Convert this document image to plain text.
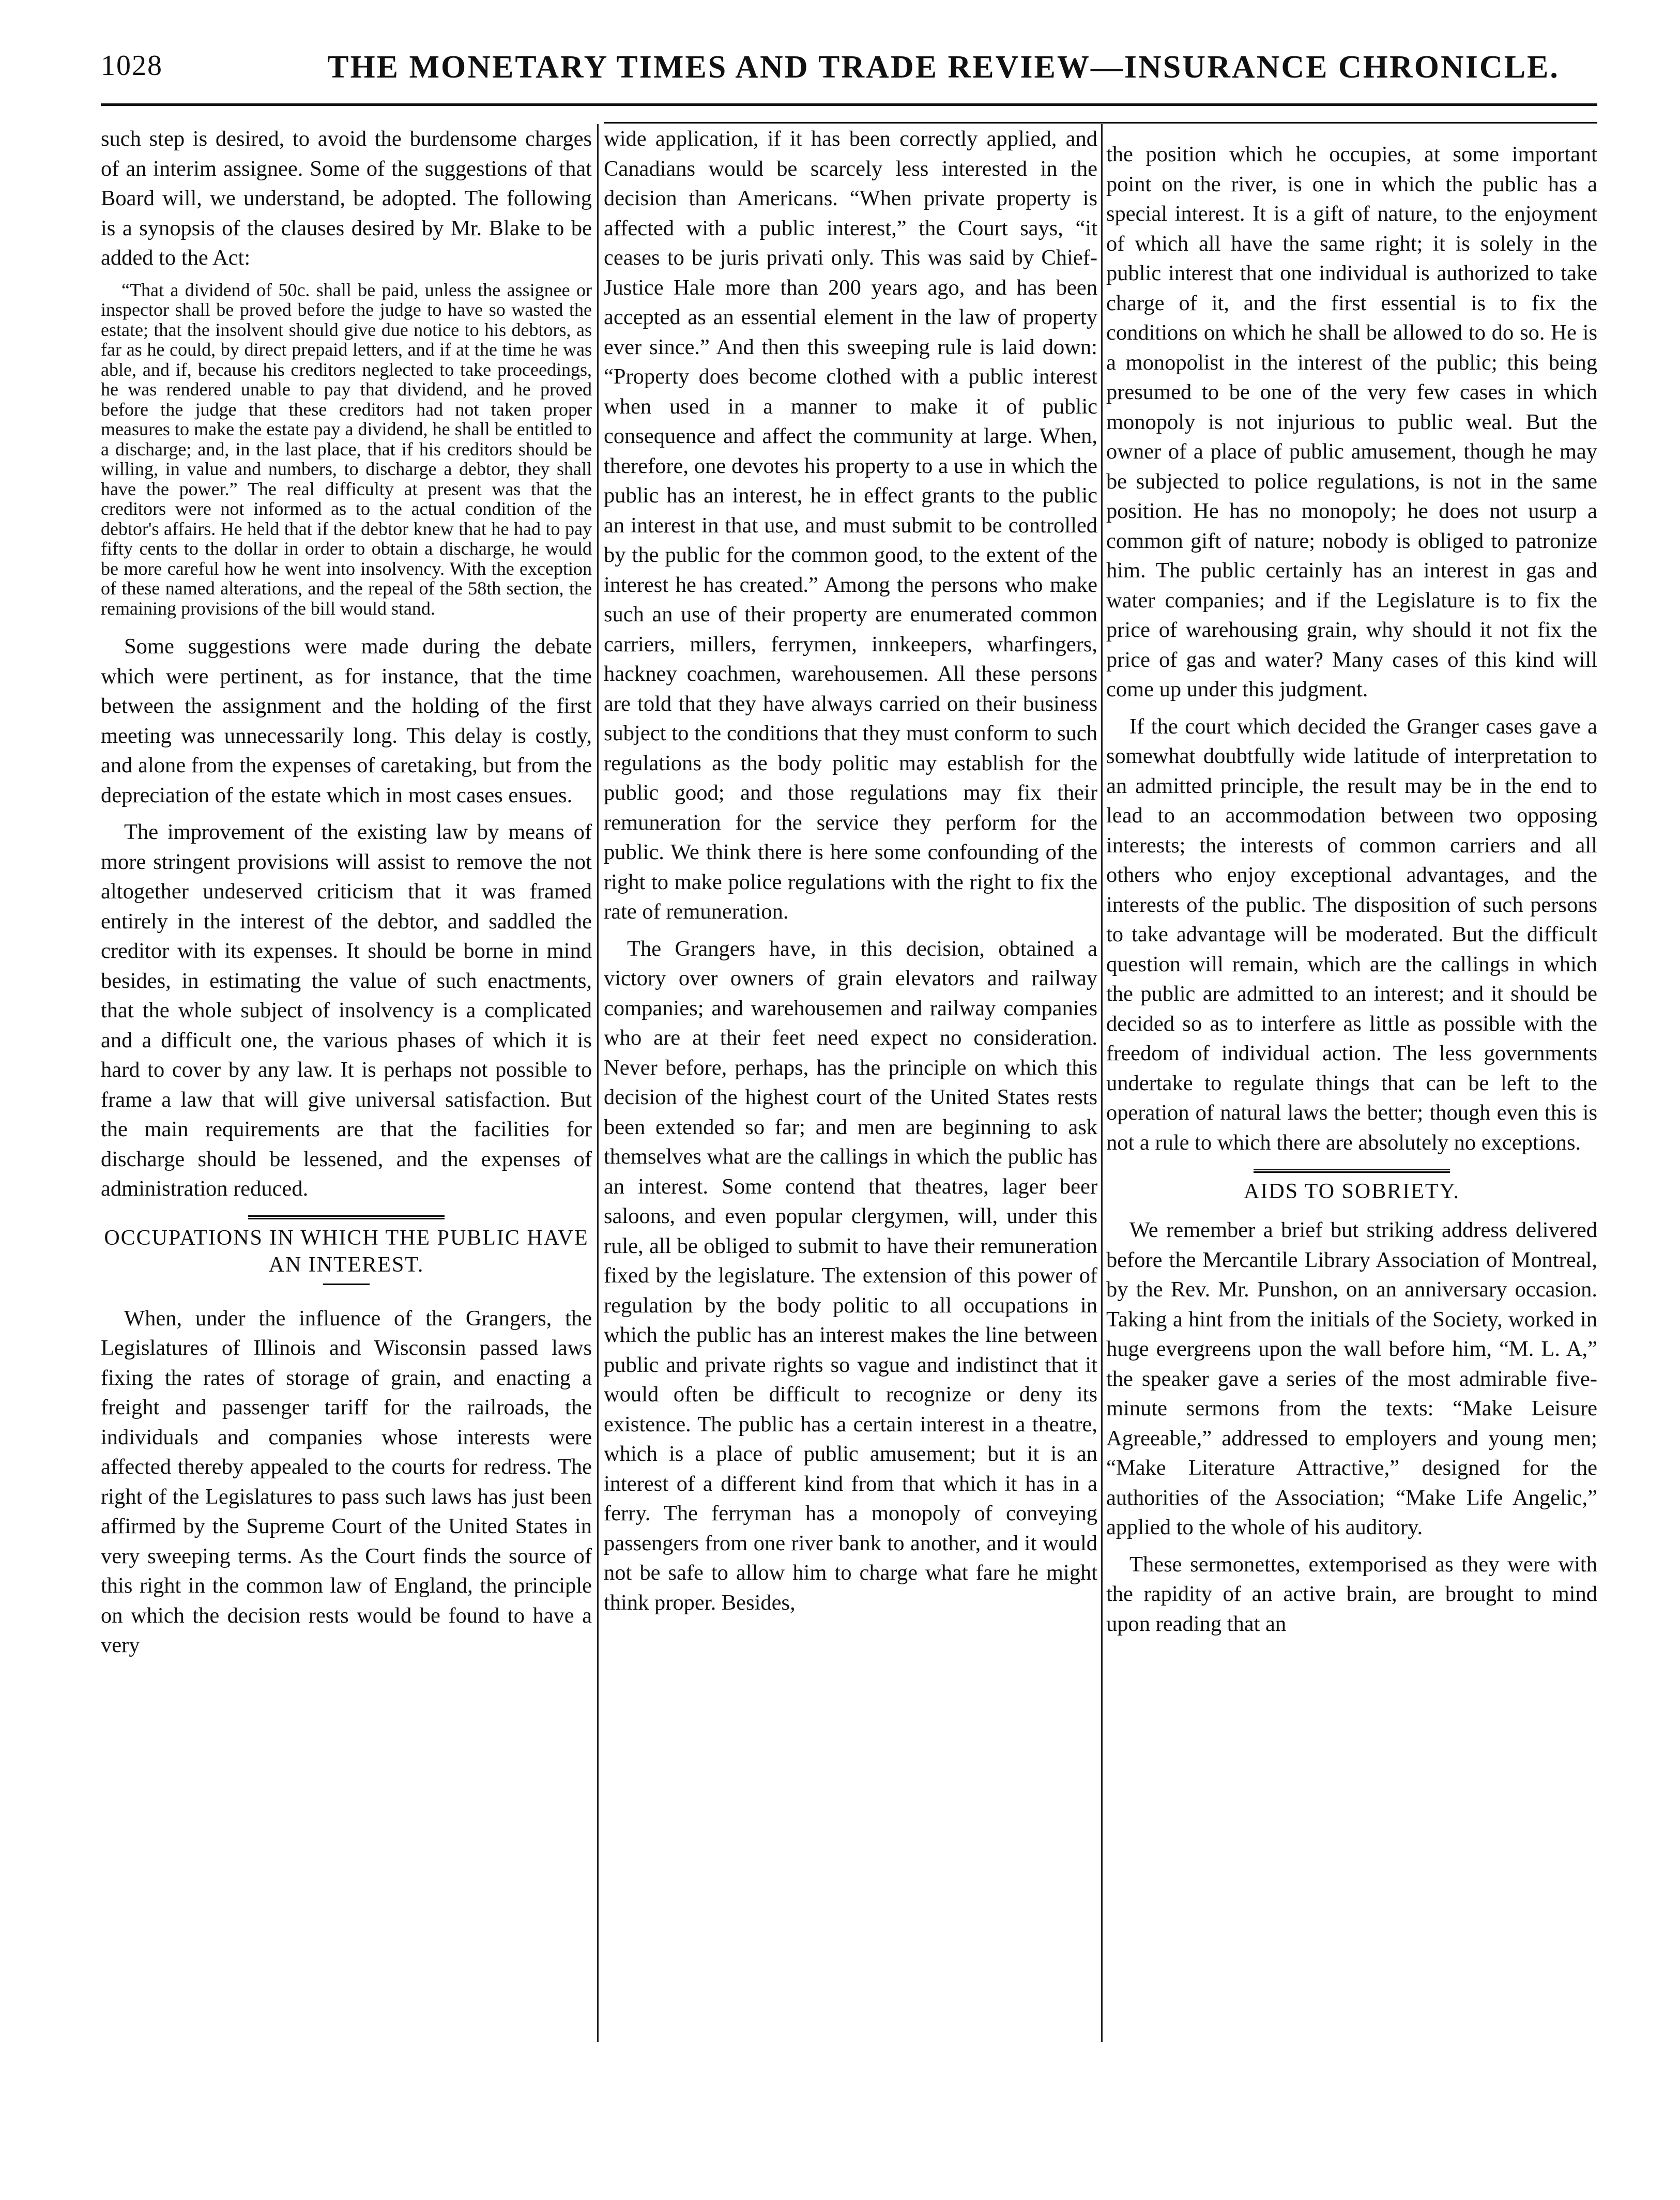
1028	THE MONETARY TIMES AND TRADE REVIEW—INSURANCE CHRONICLE.

such step is desired, to avoid the burdensome charges of an interim assignee. Some of the suggestions of that Board will, we understand, be adopted. The following is a synopsis of the clauses desired by Mr. Blake to be added to the Act:

“That a dividend of 50c. shall be paid, unless the assignee or inspector shall be proved before the judge to have so wasted the estate; that the insolvent should give due notice to his debtors, as far as he could, by direct prepaid letters, and if at the time he was able, and if, because his creditors neglected to take proceedings, he was rendered unable to pay that dividend, and he proved before the judge that these creditors had not taken proper measures to make the estate pay a dividend, he shall be entitled to a discharge; and, in the last place, that if his creditors should be willing, in value and numbers, to discharge a debtor, they shall have the power.” The real difficulty at present was that the creditors were not informed as to the actual condition of the debtor's affairs. He held that if the debtor knew that he had to pay fifty cents to the dollar in order to obtain a discharge, he would be more careful how he went into insolvency. With the exception of these named alterations, and the repeal of the 58th section, the remaining provisions of the bill would stand.

Some suggestions were made during the debate which were pertinent, as for instance, that the time between the assignment and the holding of the first meeting was unnecessarily long. This delay is costly, and alone from the expenses of caretaking, but from the depreciation of the estate which in most cases ensues.

The improvement of the existing law by means of more stringent provisions will assist to remove the not altogether undeserved criticism that it was framed entirely in the interest of the debtor, and saddled the creditor with its expenses. It should be borne in mind besides, in estimating the value of such enactments, that the whole subject of insolvency is a complicated and a difficult one, the various phases of which it is hard to cover by any law. It is perhaps not possible to frame a law that will give universal satisfaction. But the main requirements are that the facilities for discharge should be lessened, and the expenses of administration reduced.

OCCUPATIONS IN WHICH THE PUBLIC HAVE AN INTEREST.

When, under the influence of the Grangers, the Legislatures of Illinois and Wisconsin passed laws fixing the rates of storage of grain, and enacting a freight and passenger tariff for the railroads, the individuals and companies whose interests were affected thereby appealed to the courts for redress. The right of the Legislatures to pass such laws has just been affirmed by the Supreme Court of the United States in very sweeping terms. As the Court finds the source of this right in the common law of England, the principle on which the decision rests would be found to have a very

wide application, if it has been correctly applied, and Canadians would be scarcely less interested in the decision than Americans. “When private property is affected with a public interest,” the Court says, “it ceases to be juris privati only. This was said by Chief-Justice Hale more than 200 years ago, and has been accepted as an essential element in the law of property ever since.” And then this sweeping rule is laid down: “Property does become clothed with a public interest when used in a manner to make it of public consequence and affect the community at large. When, therefore, one devotes his property to a use in which the public has an interest, he in effect grants to the public an interest in that use, and must submit to be controlled by the public for the common good, to the extent of the interest he has created.” Among the persons who make such an use of their property are enumerated common carriers, millers, ferrymen, innkeepers, wharfingers, hackney coachmen, warehousemen. All these persons are told that they have always carried on their business subject to the conditions that they must conform to such regulations as the body politic may establish for the public good; and those regulations may fix their remuneration for the service they perform for the public. We think there is here some confounding of the right to make police regulations with the right to fix the rate of remuneration.

The Grangers have, in this decision, obtained a victory over owners of grain elevators and railway companies; and warehousemen and railway companies who are at their feet need expect no consideration. Never before, perhaps, has the principle on which this decision of the highest court of the United States rests been extended so far; and men are beginning to ask themselves what are the callings in which the public has an interest. Some contend that theatres, lager beer saloons, and even popular clergymen, will, under this rule, all be obliged to submit to have their remuneration fixed by the legislature. The extension of this power of regulation by the body politic to all occupations in which the public has an interest makes the line between public and private rights so vague and indistinct that it would often be difficult to recognize or deny its existence. The public has a certain interest in a theatre, which is a place of public amusement; but it is an interest of a different kind from that which it has in a ferry. The ferryman has a monopoly of conveying passengers from one river bank to another, and it would not be safe to allow him to charge what fare he might think proper. Besides,

the position which he occupies, at some important point on the river, is one in which the public has a special interest. It is a gift of nature, to the enjoyment of which all have the same right; it is solely in the public interest that one individual is authorized to take charge of it, and the first essential is to fix the conditions on which he shall be allowed to do so. He is a monopolist in the interest of the public; this being presumed to be one of the very few cases in which monopoly is not injurious to public weal. But the owner of a place of public amusement, though he may be subjected to police regulations, is not in the same position. He has no monopoly; he does not usurp a common gift of nature; nobody is obliged to patronize him. The public certainly has an interest in gas and water companies; and if the Legislature is to fix the price of warehousing grain, why should it not fix the price of gas and water? Many cases of this kind will come up under this judgment.

If the court which decided the Granger cases gave a somewhat doubtfully wide latitude of interpretation to an admitted principle, the result may be in the end to lead to an accommodation between two opposing interests; the interests of common carriers and all others who enjoy exceptional advantages, and the interests of the public. The disposition of such persons to take advantage will be moderated. But the difficult question will remain, which are the callings in which the public are admitted to an interest; and it should be decided so as to interfere as little as possible with the freedom of individual action. The less governments undertake to regulate things that can be left to the operation of natural laws the better; though even this is not a rule to which there are absolutely no exceptions.

AIDS TO SOBRIETY.

We remember a brief but striking address delivered before the Mercantile Library Association of Montreal, by the Rev. Mr. Punshon, on an anniversary occasion. Taking a hint from the initials of the Society, worked in huge evergreens upon the wall before him, “M. L. A,” the speaker gave a series of the most admirable five-minute sermons from the texts: “Make Leisure Agreeable,” addressed to employers and young men; “Make Literature Attractive,” designed for the authorities of the Association; “Make Life Angelic,” applied to the whole of his auditory.

These sermonettes, extemporised as they were with the rapidity of an active brain, are brought to mind upon reading that an
